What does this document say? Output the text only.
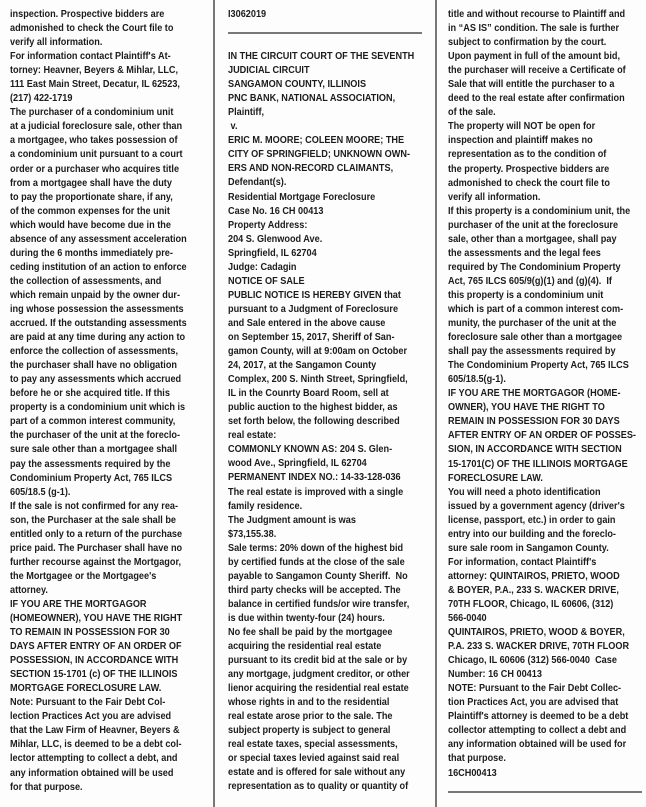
inspection. Prospective bidders are
admonished to check the Court file to
verify all information.
For information contact Plaintiff's At-
torney: Heavner, Beyers & Mihlar, LLC,
111 East Main Street, Decatur, IL 62523,
(217) 422-1719
The purchaser of a condominium unit
at a judicial foreclosure sale, other than
a mortgagee, who takes possession of
a condominium unit pursuant to a court
order or a purchaser who acquires title
from a mortgagee shall have the duty
to pay the proportionate share, if any,
of the common expenses for the unit
which would have become due in the
absence of any assessment acceleration
during the 6 months immediately pre-
ceding institution of an action to enforce
the collection of assessments, and
which remain unpaid by the owner dur-
ing whose possession the assessments
accrued. If the outstanding assessments
are paid at any time during any action to
enforce the collection of assessments,
the purchaser shall have no obligation
to pay any assessments which accrued
before he or she acquired title. If this
property is a condominium unit which is
part of a common interest community,
the purchaser of the unit at the foreclo-
sure sale other than a mortgagee shall
pay the assessments required by the
Condominium Property Act, 765 ILCS
605/18.5 (g-1).
If the sale is not confirmed for any rea-
son, the Purchaser at the sale shall be
entitled only to a return of the purchase
price paid. The Purchaser shall have no
further recourse against the Mortgagor,
the Mortgagee or the Mortgagee's
attorney.
IF YOU ARE THE MORTGAGOR
(HOMEOWNER), YOU HAVE THE RIGHT
TO REMAIN IN POSSESSION FOR 30
DAYS AFTER ENTRY OF AN ORDER OF
POSSESSION, IN ACCORDANCE WITH
SECTION 15-1701 (c) OF THE ILLINOIS
MORTGAGE FORECLOSURE LAW.
Note: Pursuant to the Fair Debt Col-
lection Practices Act you are advised
that the Law Firm of Heavner, Beyers &
Mihlar, LLC, is deemed to be a debt col-
lector attempting to collect a debt, and
any information obtained will be used
for that purpose.
I3062019
IN THE CIRCUIT COURT OF THE SEVENTH
JUDICIAL CIRCUIT
SANGAMON COUNTY, ILLINOIS
PNC BANK, NATIONAL ASSOCIATION,
Plaintiff,
v.
ERIC M. MOORE; COLEEN MOORE; THE
CITY OF SPRINGFIELD; UNKNOWN OWN-
ERS AND NON-RECORD CLAIMANTS,
Defendant(s).
Residential Mortgage Foreclosure
Case No. 16 CH 00413
Property Address:
204 S. Glenwood Ave.
Springfield, IL 62704
Judge: Cadagin
NOTICE OF SALE
PUBLIC NOTICE IS HEREBY GIVEN that
pursuant to a Judgment of Foreclosure
and Sale entered in the above cause
on September 15, 2017, Sheriff of San-
gamon County, will at 9:00am on October
24, 2017, at the Sangamon County
Complex, 200 S. Ninth Street, Springfield,
IL in the Counrty Board Room, sell at
public auction to the highest bidder, as
set forth below, the following described
real estate:
COMMONLY KNOWN AS: 204 S. Glen-
wood Ave., Springfield, IL 62704
PERMANENT INDEX NO.: 14-33-128-036
The real estate is improved with a single
family residence.
The Judgment amount is was
$73,155.38.
Sale terms: 20% down of the highest bid
by certified funds at the close of the sale
payable to Sangamon County Sheriff.  No
third party checks will be accepted. The
balance in certified funds/or wire transfer,
is due within twenty-four (24) hours.
No fee shall be paid by the mortgagee
acquiring the residential real estate
pursuant to its credit bid at the sale or by
any mortgage, judgment creditor, or other
lienor acquiring the residential real estate
whose rights in and to the residential
real estate arose prior to the sale. The
subject property is subject to general
real estate taxes, special assessments,
or special taxes levied against said real
estate and is offered for sale without any
representation as to quality or quantity of
title and without recourse to Plaintiff and
in “AS IS” condition. The sale is further
subject to confirmation by the court.
Upon payment in full of the amount bid,
the purchaser will receive a Certificate of
Sale that will entitle the purchaser to a
deed to the real estate after confirmation
of the sale.
The property will NOT be open for
inspection and plaintiff makes no
representation as to the condition of
the property. Prospective bidders are
admonished to check the court file to
verify all information.
If this property is a condominium unit, the
purchaser of the unit at the foreclosure
sale, other than a mortgagee, shall pay
the assessments and the legal fees
required by The Condominium Property
Act, 765 ILCS 605/9(g)(1) and (g)(4).  If
this property is a condominium unit
which is part of a common interest com-
munity, the purchaser of the unit at the
foreclosure sale other than a mortgagee
shall pay the assessments required by
The Condominium Property Act, 765 ILCS
605/18.5(g-1).
IF YOU ARE THE MORTGAGOR (HOME-
OWNER), YOU HAVE THE RIGHT TO
REMAIN IN POSSESSION FOR 30 DAYS
AFTER ENTRY OF AN ORDER OF POSSES-
SION, IN ACCORDANCE WITH SECTION
15-1701(C) OF THE ILLINOIS MORTGAGE
FORECLOSURE LAW.
You will need a photo identification
issued by a government agency (driver's
license, passport, etc.) in order to gain
entry into our building and the foreclo-
sure sale room in Sangamon County.
For information, contact Plaintiff's
attorney: QUINTAIROS, PRIETO, WOOD
& BOYER, P.A., 233 S. WACKER DRIVE,
70TH FLOOR, Chicago, IL 60606, (312)
566-0040
QUINTAIROS, PRIETO, WOOD & BOYER,
P.A. 233 S. WACKER DRIVE, 70TH FLOOR
Chicago, IL 60606 (312) 566-0040  Case
Number: 16 CH 00413
NOTE: Pursuant to the Fair Debt Collec-
tion Practices Act, you are advised that
Plaintiff's attorney is deemed to be a debt
collector attempting to collect a debt and
any information obtained will be used for
that purpose.
16CH00413
